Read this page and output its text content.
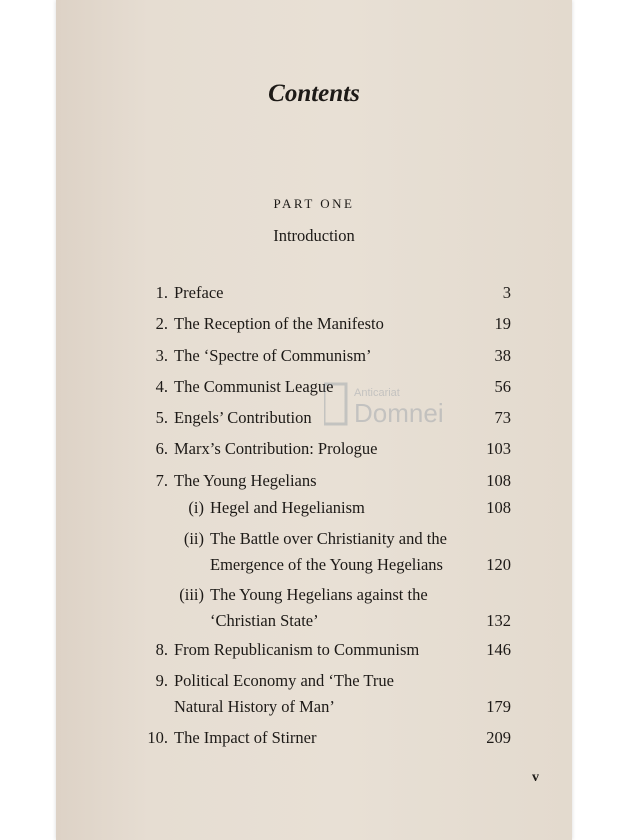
Contents
PART ONE
Introduction
1. Preface	3
2. The Reception of the Manifesto	19
3. The ‘Spectre of Communism’	38
4. The Communist League	56
5. Engels’ Contribution	73
6. Marx’s Contribution: Prologue	103
7. The Young Hegelians	108
(i) Hegel and Hegelianism	108
(ii) The Battle over Christianity and the
Emergence of the Young Hegelians	120
(iii) The Young Hegelians against the
‘Christian State’	132
8. From Republicanism to Communism	146
9. Political Economy and ‘The True
Natural History of Man’	179
10. The Impact of Stirner	209
v
Anticariat
Domnei
